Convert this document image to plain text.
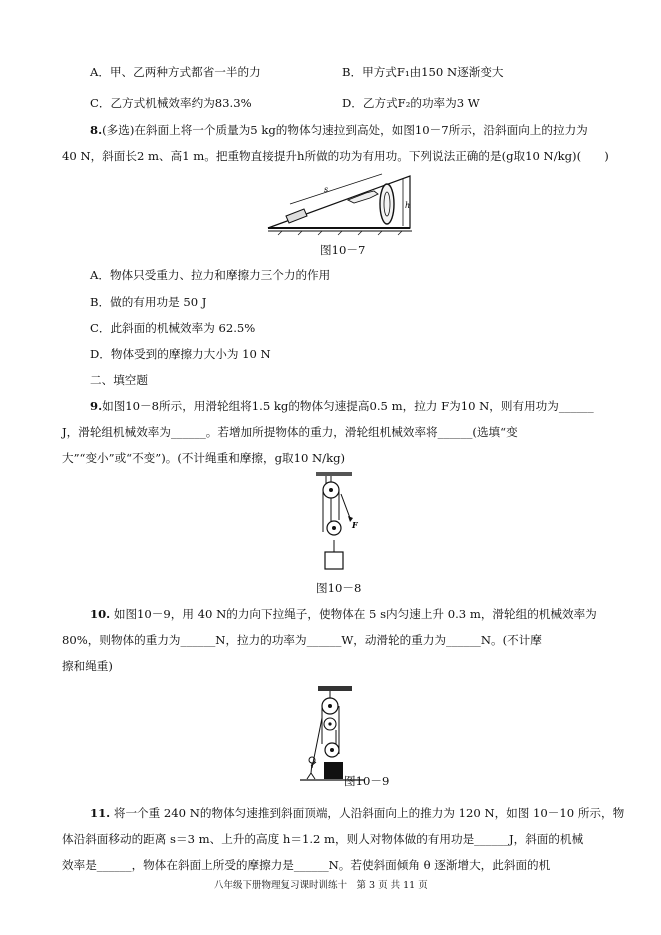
A．甲、乙两种方式都省一半的力	B．甲方式F₁由150 N逐渐变大
C．乙方式机械效率约为83.3%	D．乙方式F₂的功率为3 W
8.(多选)在斜面上将一个质量为5 kg的物体匀速拉到高处，如图10－7所示，沿斜面向上的拉力为
40 N，斜面长2 m、高1 m。把重物直接提升h所做的功为有用功。下列说法正确的是(g取10 N/kg)(　　)
s
h
图10－7
A．物体只受重力、拉力和摩擦力三个力的作用
B．做的有用功是 50 J
C．此斜面的机械效率为 62.5%
D．物体受到的摩擦力大小为 10 N
二、填空题
9.如图10－8所示，用滑轮组将1.5 kg的物体匀速提高0.5 m，拉力 F为10 N，则有用功为______
J，滑轮组机械效率为______。若增加所提物体的重力，滑轮组机械效率将______(选填“变
大”“变小”或“不变”)。(不计绳重和摩擦，g取10 N/kg)
F
图10－8
10. 如图10－9，用 40 N的力向下拉绳子，使物体在 5 s内匀速上升 0.3 m，滑轮组的机械效率为
80%，则物体的重力为______N，拉力的功率为______W，动滑轮的重力为______N。(不计摩
擦和绳重)
图10－9
11. 将一个重 240 N的物体匀速推到斜面顶端，人沿斜面向上的推力为 120 N，如图 10－10 所示，物
体沿斜面移动的距离 s＝3 m、上升的高度 h＝1.2 m，则人对物体做的有用功是______J，斜面的机械
效率是______，物体在斜面上所受的摩擦力是______N。若使斜面倾角 θ 逐渐增大，此斜面的机
八年级下册物理复习课时训练十　第 3 页 共 11 页
